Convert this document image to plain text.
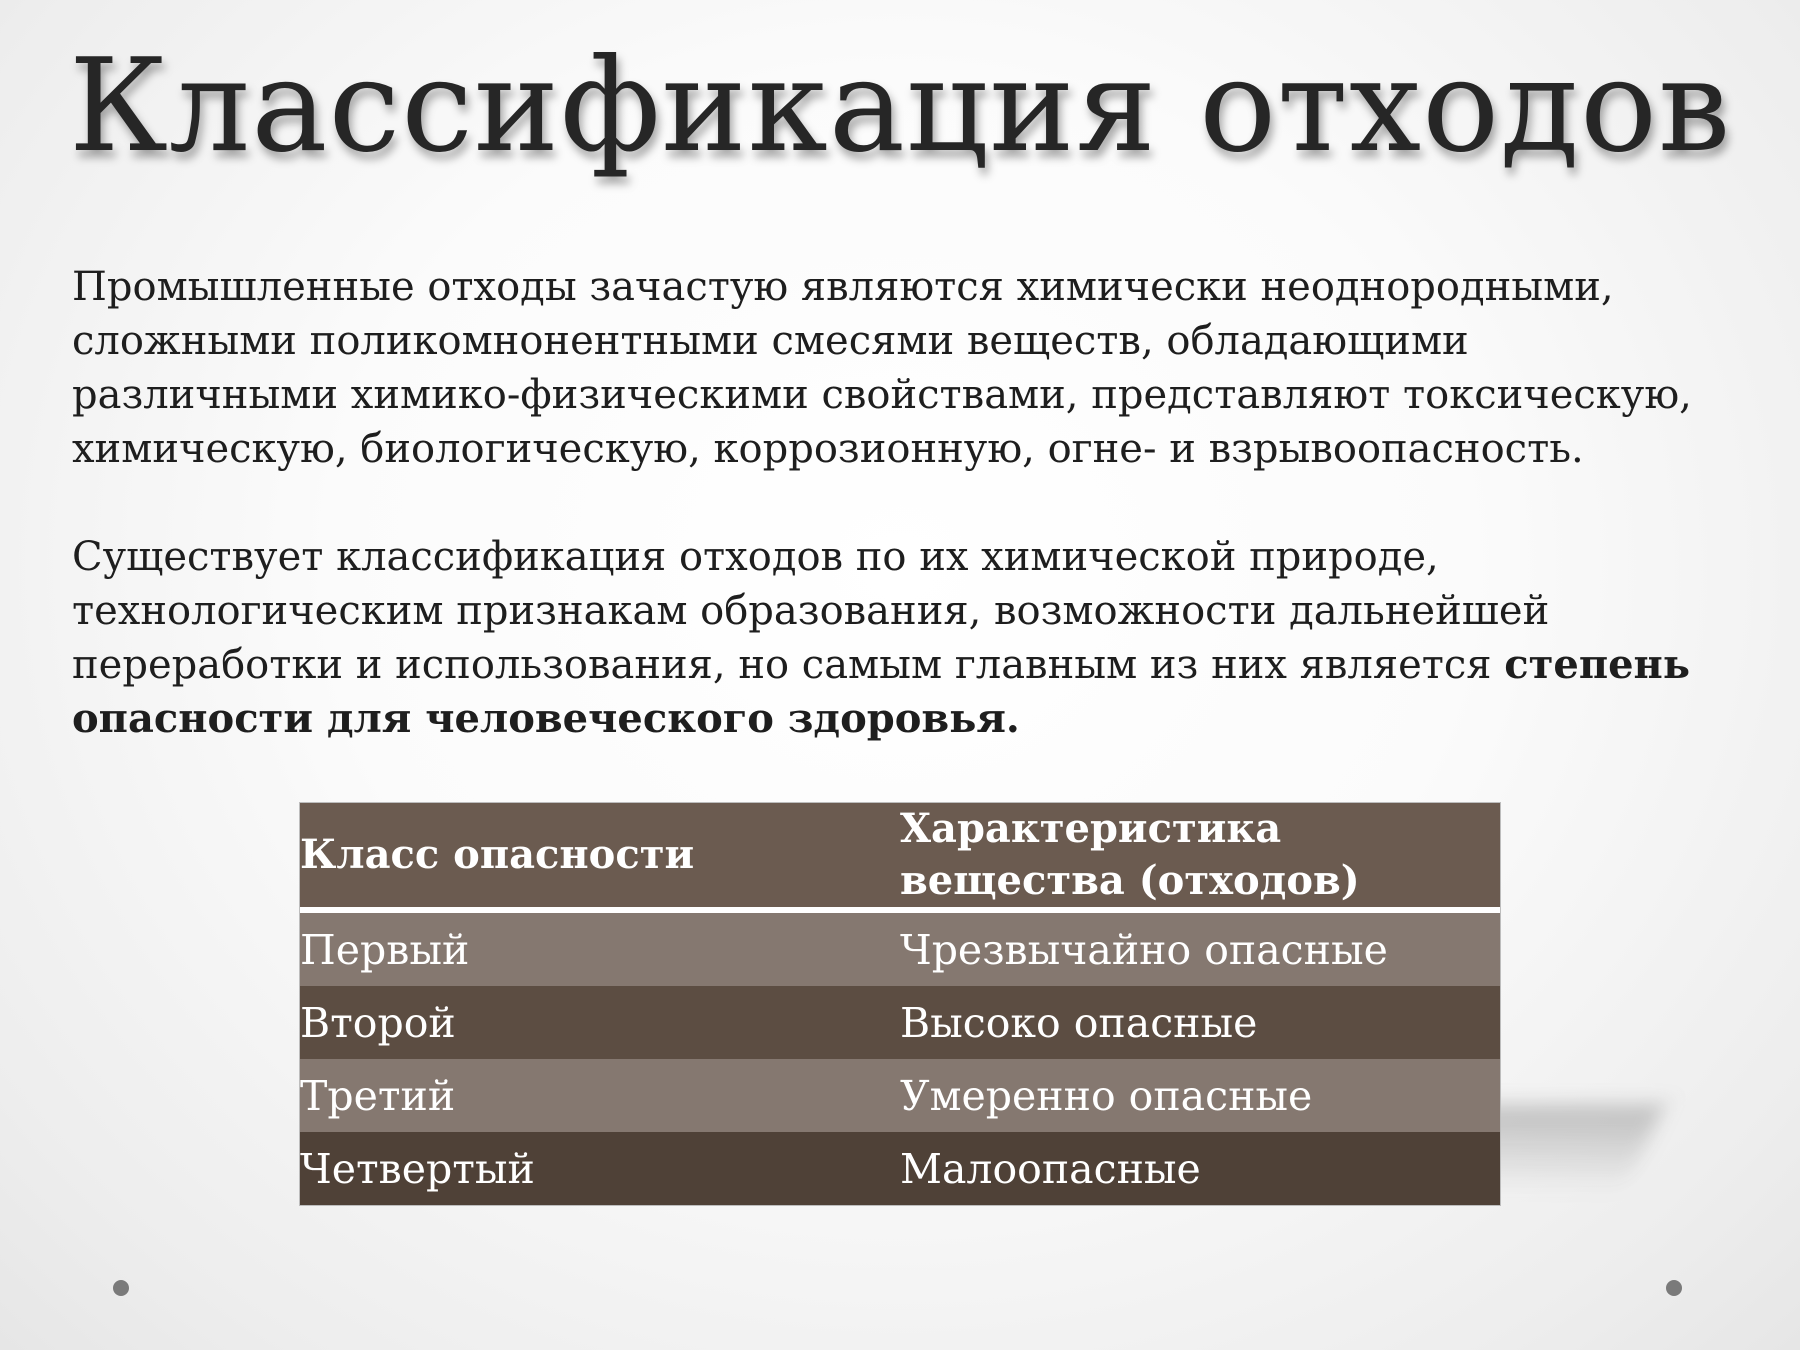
Классификация отходов

Промышленные отходы зачастую являются химически неоднородными, сложными поликомнонентными смесями веществ, обладающими различными химико-физическими свойствами, представляют токсическую, химическую, биологическую, коррозионную, огне- и взрывоопасность.

Существует классификация отходов по их химической природе, технологическим признакам образования, возможности дальнейшей переработки и использования, но самым главным из них является степень опасности для человеческого здоровья.

Класс опасности	Характеристика вещества (отходов)
Первый	Чрезвычайно опасные
Второй	Высоко опасные
Третий	Умеренно опасные
Четвертый	Малоопасные
